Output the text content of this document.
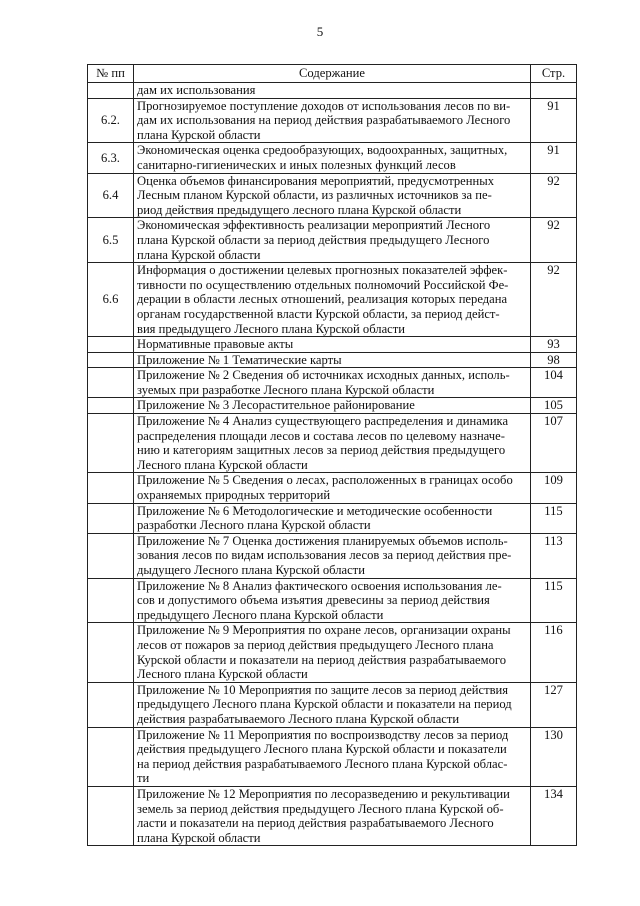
5
№ пп	Содержание	Стр.

	дам их использования	

6.2.	Прогнозируемое поступление доходов от использования лесов по ви-
дам их использования на период действия разрабатываемого Лесного
плана Курской области	91
6.3.	Экономическая оценка средообразующих, водоохранных, защитных,
санитарно-гигиенических и иных полезных функций лесов	91
6.4	Оценка объемов финансирования мероприятий, предусмотренных
Лесным планом Курской области, из различных источников за пе-
риод действия предыдущего лесного плана Курской области	92
6.5	Экономическая эффективность реализации мероприятий Лесного
плана Курской области за период действия предыдущего Лесного
плана Курской области	92
6.6	Информация о достижении целевых прогнозных показателей эффек-
тивности по осуществлению отдельных полномочий Российской Фе-
дерации в области лесных отношений, реализация которых передана
органам государственной власти Курской области, за период дейст-
вия предыдущего Лесного плана Курской области	92

	Нормативные правовые акты	93

	Приложение № 1 Тематические карты	98

	Приложение № 2 Сведения об источниках исходных данных, исполь-
зуемых при разработке Лесного плана Курской области	104

	Приложение № 3 Лесорастительное районирование	105

	Приложение № 4 Анализ существующего распределения и динамика
распределения площади лесов и состава лесов по целевому назначе-
нию и категориям защитных лесов за период действия предыдущего
Лесного плана Курской области	107

	Приложение № 5 Сведения о лесах, расположенных в границах особо
охраняемых природных территорий	109

	Приложение № 6 Методологические и методические особенности
разработки Лесного плана Курской области	115

	Приложение № 7 Оценка достижения планируемых объемов исполь-
зования лесов по видам использования лесов за период действия пре-
дыдущего Лесного плана Курской области	113

	Приложение № 8 Анализ фактического освоения использования ле-
сов и допустимого объема изъятия древесины за период действия
предыдущего Лесного плана Курской области	115

	Приложение № 9 Мероприятия по охране лесов, организации охраны
лесов от пожаров за период действия предыдущего Лесного плана
Курской области и показатели на период действия разрабатываемого
Лесного плана Курской области	116

	Приложение № 10 Мероприятия по защите лесов за период действия
предыдущего Лесного плана Курской области и показатели на период
действия разрабатываемого Лесного плана Курской области	127

	Приложение № 11 Мероприятия по воспроизводству лесов за период
действия предыдущего Лесного плана Курской области и показатели
на период действия разрабатываемого Лесного плана Курской облас-
ти	130

	Приложение № 12 Мероприятия по лесоразведению и рекультивации
земель за период действия предыдущего Лесного плана Курской об-
ласти и показатели на период действия разрабатываемого Лесного
плана Курской области	134
